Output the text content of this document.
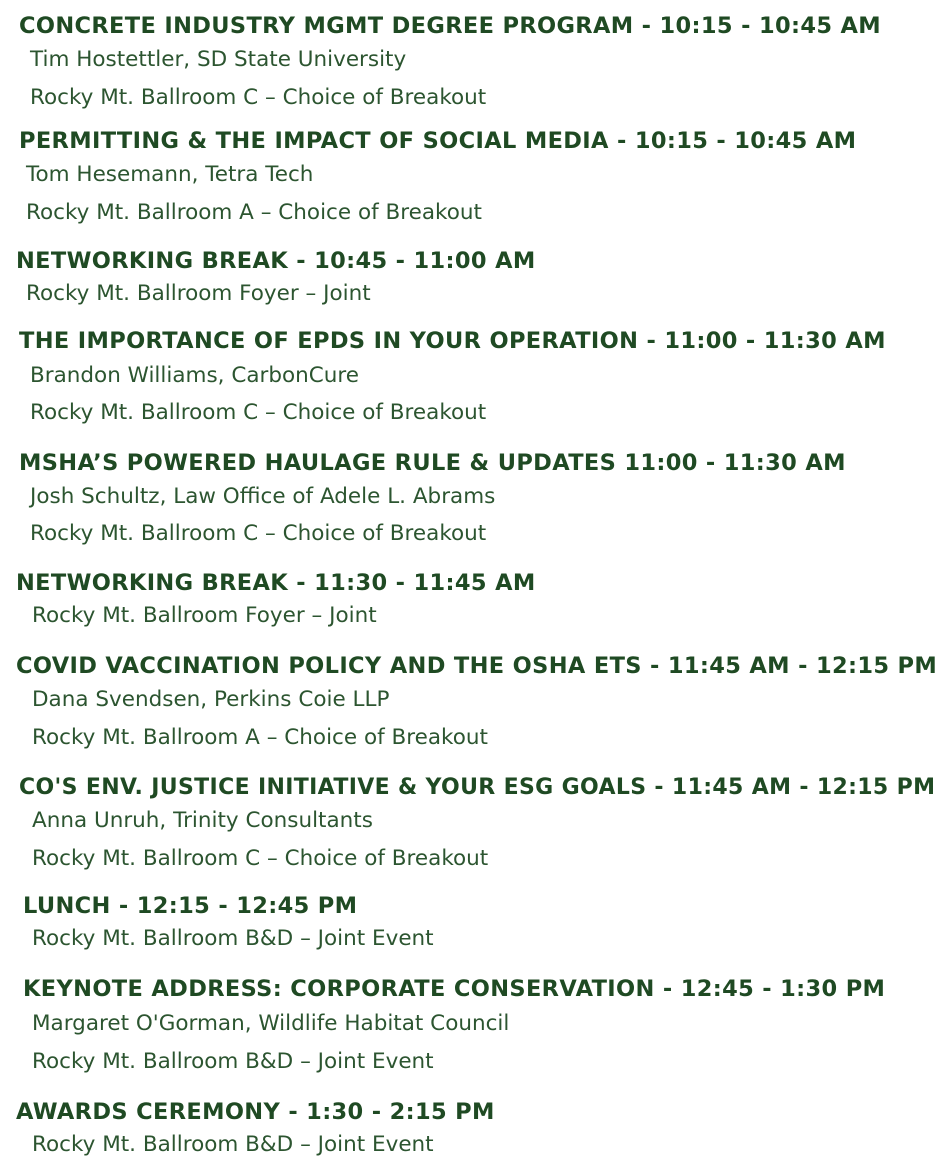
CONCRETE INDUSTRY MGMT DEGREE PROGRAM - 10:15 - 10:45 AM
Tim Hostettler, SD State University
Rocky Mt. Ballroom C – Choice of Breakout
PERMITTING & THE IMPACT OF SOCIAL MEDIA - 10:15 - 10:45 AM
Tom Hesemann, Tetra Tech
Rocky Mt. Ballroom A – Choice of Breakout
NETWORKING BREAK - 10:45 - 11:00 AM
Rocky Mt. Ballroom Foyer – Joint
THE IMPORTANCE OF EPDS IN YOUR OPERATION - 11:00 - 11:30 AM
Brandon Williams, CarbonCure
Rocky Mt. Ballroom C – Choice of Breakout
MSHA’S POWERED HAULAGE RULE & UPDATES 11:00 - 11:30 AM
Josh Schultz, Law Office of Adele L. Abrams
Rocky Mt. Ballroom C – Choice of Breakout
NETWORKING BREAK - 11:30 - 11:45 AM
Rocky Mt. Ballroom Foyer – Joint
COVID VACCINATION POLICY AND THE OSHA ETS - 11:45 AM - 12:15 PM
Dana Svendsen, Perkins Coie LLP
Rocky Mt. Ballroom A – Choice of Breakout
CO'S ENV. JUSTICE INITIATIVE & YOUR ESG GOALS - 11:45 AM - 12:15 PM
Anna Unruh, Trinity Consultants
Rocky Mt. Ballroom C – Choice of Breakout
LUNCH - 12:15 - 12:45 PM
Rocky Mt. Ballroom B&D – Joint Event
KEYNOTE ADDRESS: CORPORATE CONSERVATION - 12:45 - 1:30 PM
Margaret O'Gorman, Wildlife Habitat Council
Rocky Mt. Ballroom B&D – Joint Event
AWARDS CEREMONY - 1:30 - 2:15 PM
Rocky Mt. Ballroom B&D – Joint Event
